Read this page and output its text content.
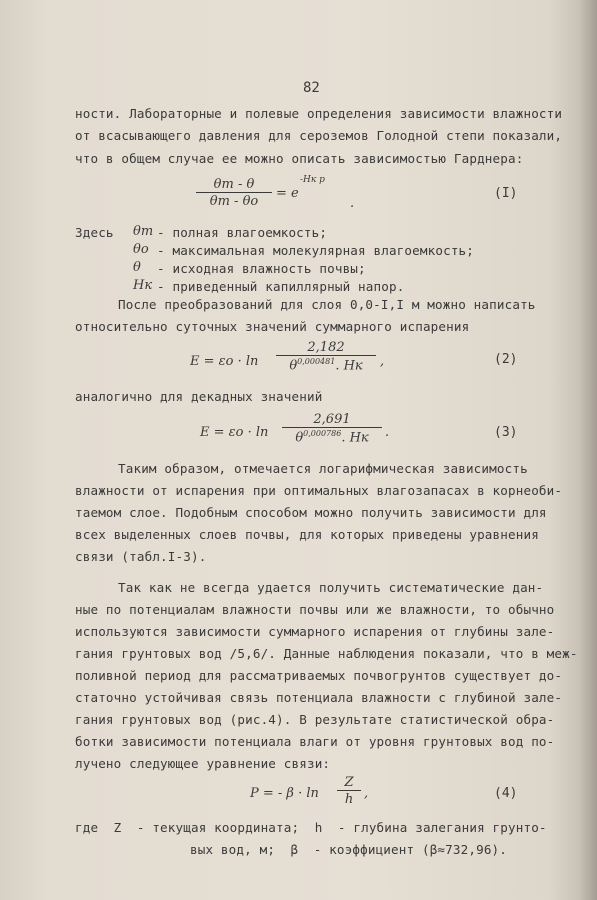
82
ности. Лабораторные и полевые определения зависимости влажности
от всасывающего давления для сероземов Голодной степи показали,
что в общем случае ее можно описать зависимостью Гарднера:
$\frac{\theta m - \theta}{\theta m - \theta o} = e$
-Hк p
.
(I)
Здесь θm - полная влагоемкость;
θo - максимальная молекулярная влагоемкость;
θ - исходная влажность почвы;
Hк - приведенный капиллярный напор.
После преобразований для слоя 0,0-I,I м можно написать
относительно суточных значений суммарного испарения
E = εo · ln
2,182
$\theta^{0,000481}$. Hк	,	(2)
аналогично для декадных значений
E = εo · ln
2,691
$\theta^{0,000786}$. Hк	.	(3)
Таким образом, отмечается логарифмическая зависимость
влажности от испарения при оптимальных влагозапасах в корнеоби-
таемом слое. Подобным способом можно получить зависимости для
всех выделенных слоев почвы, для которых приведены уравнения
связи (табл.I-3).
Так как не всегда удается получить систематические дан-
ные по потенциалам влажности почвы или же влажности, то обычно
используются зависимости суммарного испарения от глубины зале-
гания грунтовых вод /5,6/. Данные наблюдения показали, что в меж-
поливной период для рассматриваемых почвогрунтов существует до-
статочно устойчивая связь потенциала влажности с глубиной зале-
гания грунтовых вод (рис.4). В результате статистической обра-
ботки зависимости потенциала влаги от уровня грунтовых вод по-
лучено следующее уравнение связи:
P = - $\beta \cdot \ln \frac{Z}{h}$ ,	(4)
где  Z  - текущая координата;  h  - глубина залегания грунто-
вых вод, м;  β  - коэффициент (β≈732,96).
